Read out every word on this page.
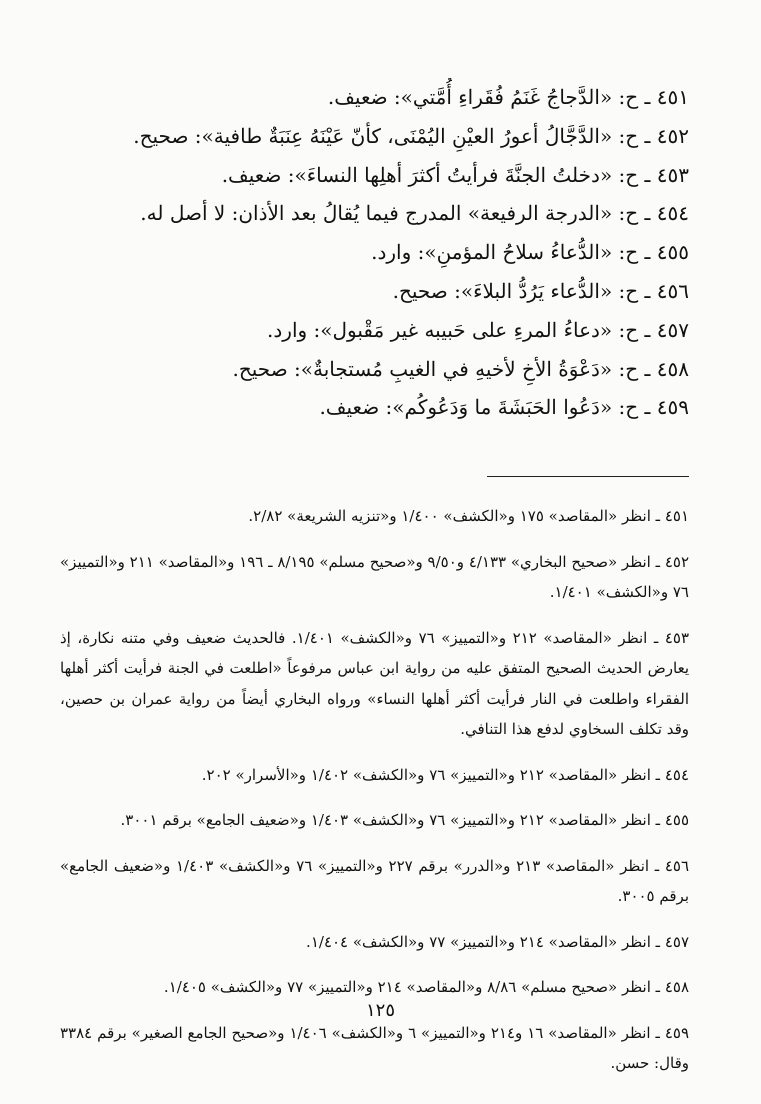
٤٥١ ـ ح: «الدَّجاجُ غَنَمُ فُقَراءِ أُمَّتي»: ضعيف.
٤٥٢ ـ ح: «الدَّجَّالُ أعورُ العيْنِ اليُمْنَى، كأنّ عَيْنَهُ عِنَبَةٌ طافية»: صحيح.
٤٥٣ ـ ح: «دخلتُ الجنَّةَ فرأيتُ أكثرَ أهلِها النساءَ»: ضعيف.
٤٥٤ ـ ح: «الدرجة الرفيعة» المدرج فيما يُقالُ بعد الأذان: لا أصل له.
٤٥٥ ـ ح: «الدُّعاءُ سلاحُ المؤمنِ»: وارد.
٤٥٦ ـ ح: «الدُّعاء يَرُدُّ البلاءَ»: صحيح.
٤٥٧ ـ ح: «دعاءُ المرءِ على حَبيبه غير مَقْبول»: وارد.
٤٥٨ ـ ح: «دَعْوَةُ الأخِ لأخيهِ في الغيبِ مُستجابةٌ»: صحيح.
٤٥٩ ـ ح: «دَعُوا الحَبَشَةَ ما وَدَعُوكُم»: ضعيف.

٤٥١ ـ انظر «المقاصد» ١٧٥ و«الكشف» ١/٤٠٠ و«تنزيه الشريعة» ٢/٨٢.

٤٥٢ ـ انظر «صحيح البخاري» ٤/١٣٣ و٩/٥٠ و«صحيح مسلم» ٨/١٩٥ ـ ١٩٦ و«المقاصد» ٢١١ و«التمييز» ٧٦ و«الكشف» ١/٤٠١.

٤٥٣ ـ انظر «المقاصد» ٢١٢ و«التمييز» ٧٦ و«الكشف» ١/٤٠١. فالحديث ضعيف وفي متنه نكارة، إذ يعارض الحديث الصحيح المتفق عليه من رواية ابن عباس مرفوعاً «اطلعت في الجنة فرأيت أكثر أهلها الفقراء واطلعت في النار فرأيت أكثر أهلها النساء» ورواه البخاري أيضاً من رواية عمران بن حصين، وقد تكلف السخاوي لدفع هذا التنافي.

٤٥٤ ـ انظر «المقاصد» ٢١٢ و«التمييز» ٧٦ و«الكشف» ١/٤٠٢ و«الأسرار» ٢٠٢.

٤٥٥ ـ انظر «المقاصد» ٢١٢ و«التمييز» ٧٦ و«الكشف» ١/٤٠٣ و«ضعيف الجامع» برقم ٣٠٠١.

٤٥٦ ـ انظر «المقاصد» ٢١٣ و«الدرر» برقم ٢٢٧ و«التمييز» ٧٦ و«الكشف» ١/٤٠٣ و«ضعيف الجامع» برقم ٣٠٠٥.

٤٥٧ ـ انظر «المقاصد» ٢١٤ و«التمييز» ٧٧ و«الكشف» ١/٤٠٤.

٤٥٨ ـ انظر «صحيح مسلم» ٨/٨٦ و«المقاصد» ٢١٤ و«التمييز» ٧٧ و«الكشف» ١/٤٠٥.

٤٥٩ ـ انظر «المقاصد» ١٦ و٢١٤ و«التمييز» ٦ و«الكشف» ١/٤٠٦ و«صحيح الجامع الصغير» برقم ٣٣٨٤ وقال: حسن.

١٢٥
